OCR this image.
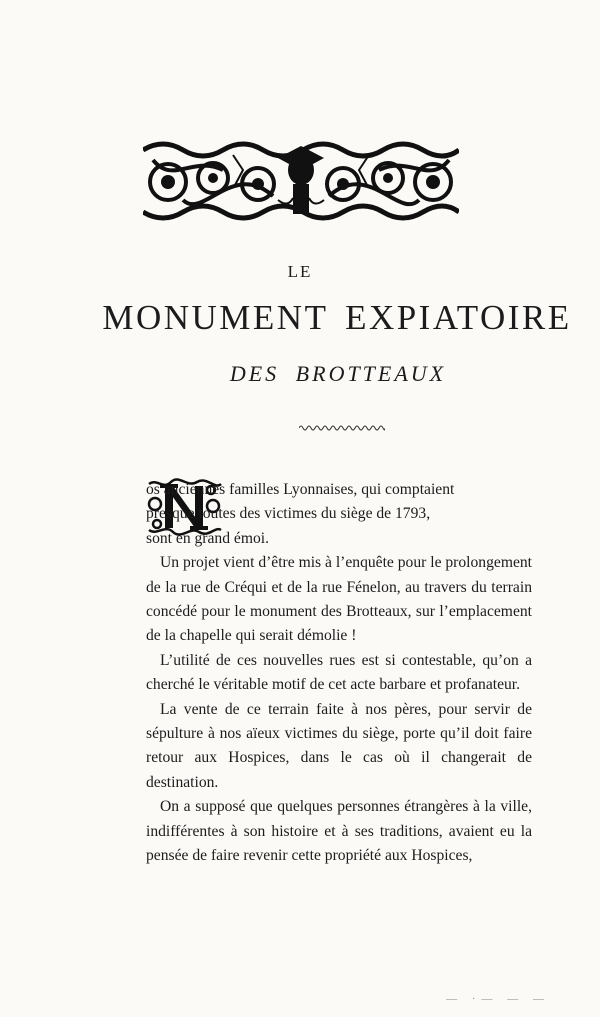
LE
MONUMENT EXPIATOIRE
DES BROTTEAUX

os anciennes familles Lyonnaises, qui comptaient

presque toutes des victimes du siège de 1793,

sont en grand émoi.

Un projet vient d’être mis à l’enquête pour le prolongement de la rue de Créqui et de la rue Fénelon, au travers du terrain concédé pour le monument des Brotteaux, sur l’emplacement de la chapelle qui serait démolie !

L’utilité de ces nouvelles rues est si contestable, qu’on a cherché le véritable motif de cet acte barbare et profanateur.

La vente de ce terrain faite à nos pères, pour servir de sépulture à nos aïeux victimes du siège, porte qu’il doit faire retour aux Hospices, dans le cas où il changerait de destination.

On a supposé que quelques personnes étrangères à la ville, indifférentes à son histoire et à ses traditions, avaient eu la pensée de faire revenir cette propriété aux Hospices,

— ·— — —
